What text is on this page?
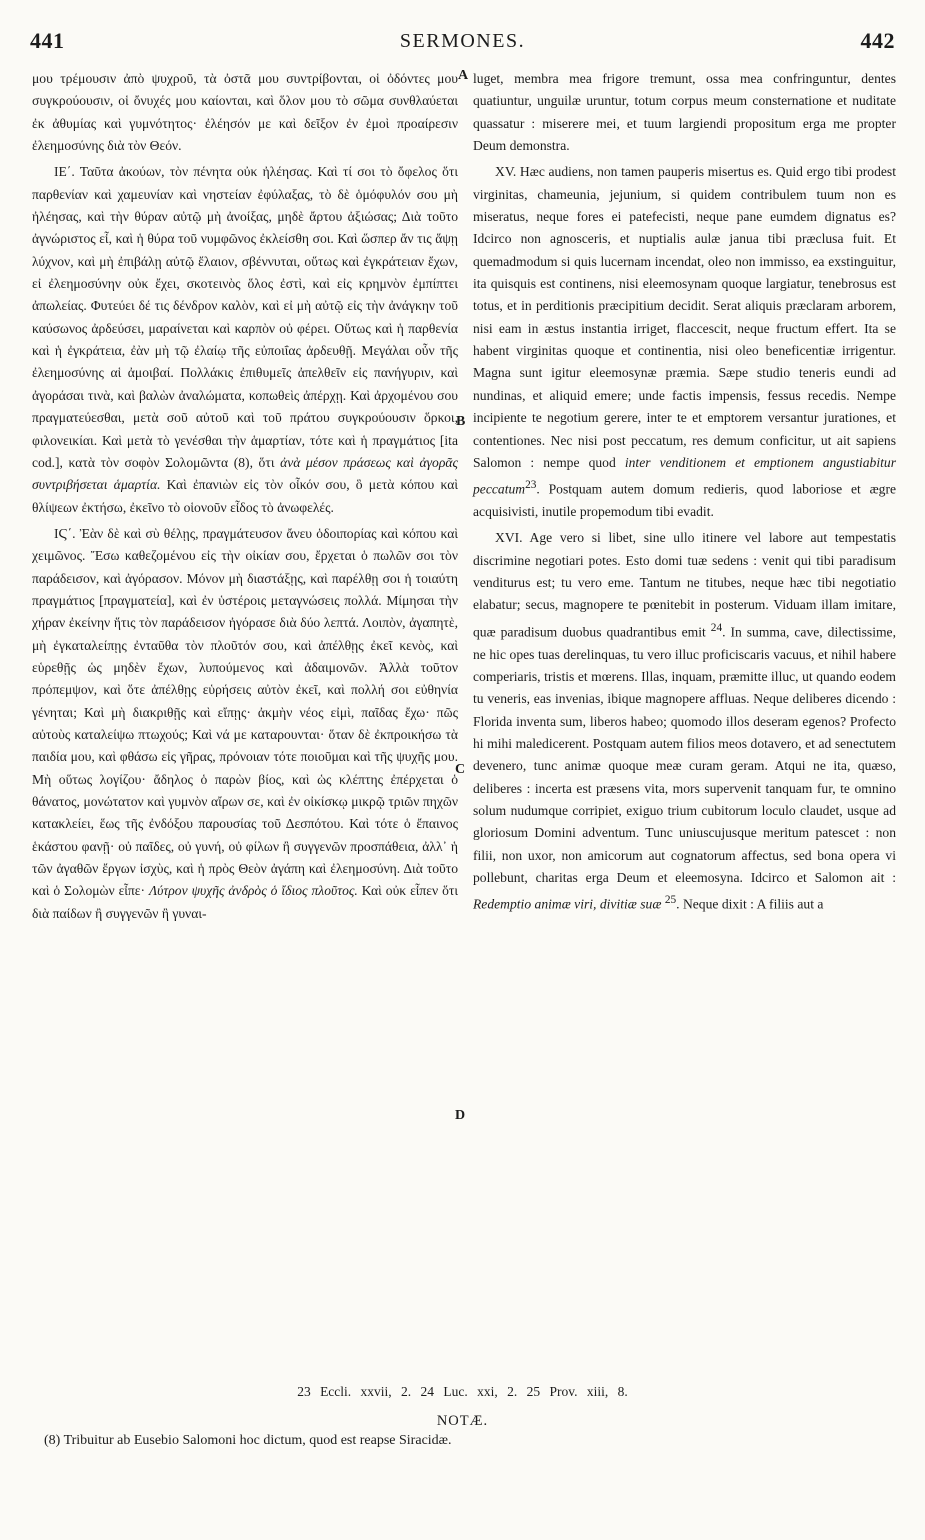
441	SERMONES.	442

μου τρέμουσιν ἀπὸ ψυχροῦ, τὰ ὀστᾶ μου συντρίβονται, οἱ ὀδόντες μου συγκρούουσιν, οἱ ὄνυχές μου καίονται, καὶ ὅλον μου τὸ σῶμα συνθλαύεται ἐκ ἀθυμίας καὶ γυμνότητος· ἐλέησόν με καὶ δεῖξον ἐν ἐμοὶ προαίρεσιν ἐλεημοσύνης διὰ τὸν Θεόν.

ΙΕ΄. Ταῦτα ἀκούων, τὸν πένητα οὐκ ἠλέησας. Καὶ τί σοι τὸ ὄφελος ὅτι παρθενίαν καὶ χαμευνίαν καὶ νηστείαν ἐφύλαξας, τὸ δὲ ὁμόφυλόν σου μὴ ἠλέησας, καὶ τὴν θύραν αὐτῷ μὴ ἀνοίξας, μηδὲ ἄρτου ἀξιώσας; Διὰ τοῦτο ἀγνώριστος εἶ, καὶ ἡ θύρα τοῦ νυμφῶνος ἐκλείσθη σοι. Καὶ ὥσπερ ἄν τις ἅψῃ λύχνον, καὶ μὴ ἐπιβάλῃ αὐτῷ ἔλαιον, σβέννυται, οὕτως καὶ ἐγκράτειαν ἔχων, εἰ ἐλεημοσύνην οὐκ ἔχει, σκοτεινὸς ὅλος ἐστὶ, καὶ εἰς κρημνὸν ἐμπίπτει ἀπωλείας. Φυτεύει δέ τις δένδρον καλὸν, καὶ εἰ μὴ αὐτῷ εἰς τὴν ἀνάγκην τοῦ καύσωνος ἀρδεύσει, μαραίνεται καὶ καρπὸν οὐ φέρει. Οὕτως καὶ ἡ παρθενία καὶ ἡ ἐγκράτεια, ἐὰν μὴ τῷ ἐλαίῳ τῆς εὐποιΐας ἀρδευθῇ. Μεγάλαι οὖν τῆς ἐλεημοσύνης αἱ ἀμοιβαί. Πολλάκις ἐπιθυμεῖς ἀπελθεῖν εἰς πανήγυριν, καὶ ἀγοράσαι τινὰ, καὶ βαλὼν ἀναλώματα, κοπωθεὶς ἀπέρχῃ. Καὶ ἀρχομένου σου πραγματεύεσθαι, μετὰ σοῦ αὐτοῦ καὶ τοῦ πράτου συγκρούουσιν ὅρκοι, φιλονεικίαι. Καὶ μετὰ τὸ γενέσθαι τὴν ἁμαρτίαν, τότε καὶ ἡ πραγμάτιος [ita cod.], κατὰ τὸν σοφὸν Σολομῶντα (8), ὅτι ἀνὰ μέσον πράσεως καὶ ἀγορᾶς συντριβήσεται ἁμαρτία. Καὶ ἐπανιὼν εἰς τὸν οἶκόν σου, ὃ μετὰ κόπου καὶ θλίψεων ἐκτήσω, ἐκεῖνο τὸ οἱονοῦν εἶδος τὸ ἀνωφελές.

ΙϚ΄. Ἐὰν δὲ καὶ σὺ θέλῃς, πραγμάτευσον ἄνευ ὁδοιπορίας καὶ κόπου καὶ χειμῶνος. Ἔσω καθεζομένου εἰς τὴν οἰκίαν σου, ἔρχεται ὁ πωλῶν σοι τὸν παράδεισον, καὶ ἀγόρασον. Μόνον μὴ διαστάξῃς, καὶ παρέλθῃ σοι ἡ τοιαύτη πραγμάτιος [πραγματεία], καὶ ἐν ὑστέροις μεταγνώσεις πολλά. Μίμησαι τὴν χήραν ἐκείνην ἥτις τὸν παράδεισον ἠγόρασε διὰ δύο λεπτά. Λοιπὸν, ἀγαπητὲ, μὴ ἐγκαταλείπῃς ἐνταῦθα τὸν πλοῦτόν σου, καὶ ἀπέλθῃς ἐκεῖ κενὸς, καὶ εὑρεθῇς ὡς μηδὲν ἔχων, λυπούμενος καὶ ἀδαιμονῶν. Ἀλλὰ τοῦτον πρόπεμψον, καὶ ὅτε ἀπέλθῃς εὑρήσεις αὐτὸν ἐκεῖ, καὶ πολλή σοι εὐθηνία γένηται; Καὶ μὴ διακριθῇς καὶ εἴπῃς· ἀκμὴν νέος εἰμὶ, παῖδας ἔχω· πῶς αὐτοὺς καταλείψω πτωχούς; Καὶ νά με καταρουνται· ὅταν δὲ ἐκπροικήσω τὰ παιδία μου, καὶ φθάσω εἰς γῆρας, πρόνοιαν τότε ποιοῦμαι καὶ τῆς ψυχῆς μου. Μὴ οὕτως λογίζου· ἄδηλος ὁ παρὼν βίος, καὶ ὡς κλέπτης ἐπέρχεται ὁ θάνατος, μονώτατον καὶ γυμνὸν αἴρων σε, καὶ ἐν οἰκίσκῳ μικρῷ τριῶν πηχῶν κατακλείει, ἕως τῆς ἐνδόξου παρουσίας τοῦ Δεσπότου. Καὶ τότε ὁ ἔπαινος ἑκάστου φανῇ· οὐ παῖδες, οὐ γυνή, οὐ φίλων ἢ συγγενῶν προσπάθεια, ἀλλ᾽ ἡ τῶν ἀγαθῶν ἔργων ἰσχὺς, καὶ ἡ πρὸς Θεὸν ἀγάπη καὶ ἐλεημοσύνη. Διὰ τοῦτο καὶ ὁ Σολομὼν εἶπε· Λύτρον ψυχῆς ἀνδρὸς ὁ ἴδιος πλοῦτος. Καὶ οὐκ εἶπεν ὅτι διὰ παίδων ἢ συγγενῶν ἢ γυναι-

A
B
C
D

luget, membra mea frigore tremunt, ossa mea confringuntur, dentes quatiuntur, unguilæ uruntur, totum corpus meum consternatione et nuditate quassatur : miserere mei, et tuum largiendi propositum erga me propter Deum demonstra.

XV. Hæc audiens, non tamen pauperis misertus es. Quid ergo tibi prodest virginitas, chameunia, jejunium, si quidem contribulem tuum non es miseratus, neque fores ei patefecisti, neque pane eumdem dignatus es? Idcirco non agnosceris, et nuptialis aulæ janua tibi præclusa fuit. Et quemadmodum si quis lucernam incendat, oleo non immisso, ea exstinguitur, ita quisquis est continens, nisi eleemosynam quoque largiatur, tenebrosus est totus, et in perditionis præcipitium decidit. Serat aliquis præclaram arborem, nisi eam in æstus instantia irriget, flaccescit, neque fructum effert. Ita se habent virginitas quoque et continentia, nisi oleo beneficentiæ irrigentur. Magna sunt igitur eleemosynæ præmia. Sæpe studio teneris eundi ad nundinas, et aliquid emere; unde factis impensis, fessus recedis. Nempe incipiente te negotium gerere, inter te et emptorem versantur jurationes, et contentiones. Nec nisi post peccatum, res demum conficitur, ut ait sapiens Salomon : nempe quod inter venditionem et emptionem angustiabitur peccatum$^{23}$. Postquam autem domum redieris, quod laboriose et ægre acquisivisti, inutile propemodum tibi evadit.

XVI. Age vero si libet, sine ullo itinere vel labore aut tempestatis discrimine negotiari potes. Esto domi tuæ sedens : venit qui tibi paradisum venditurus est; tu vero eme. Tantum ne titubes, neque hæc tibi negotiatio elabatur; secus, magnopere te pœnitebit in posterum. Viduam illam imitare, quæ paradisum duobus quadrantibus emit $^{24}$. In summa, cave, dilectissime, ne hic opes tuas derelinquas, tu vero illuc proficiscaris vacuus, et nihil habere comperiaris, tristis et mœrens. Illas, inquam, præmitte illuc, ut quando eodem tu veneris, eas invenias, ibique magnopere affluas. Neque deliberes dicendo : Florida inventa sum, liberos habeo; quomodo illos deseram egenos? Profecto hi mihi maledicerent. Postquam autem filios meos dotavero, et ad senectutem devenero, tunc animæ quoque meæ curam geram. Atqui ne ita, quæso, deliberes : incerta est præsens vita, mors supervenit tanquam fur, te omnino solum nudumque corripiet, exiguo trium cubitorum loculo claudet, usque ad gloriosum Domini adventum. Tunc uniuscujusque meritum patescet : non filii, non uxor, non amicorum aut cognatorum affectus, sed bona opera vi pollebunt, charitas erga Deum et eleemosyna. Idcirco et Salomon ait : Redemptio animæ viri, divitiæ suæ $^{25}$. Neque dixit : A filiis aut a

23 Eccli. xxvii, 2. 24 Luc. xxi, 2. 25 Prov. xiii, 8.
NOTÆ.
(8) Tribuitur ab Eusebio Salomoni hoc dictum, quod est reapse Siracidæ.
